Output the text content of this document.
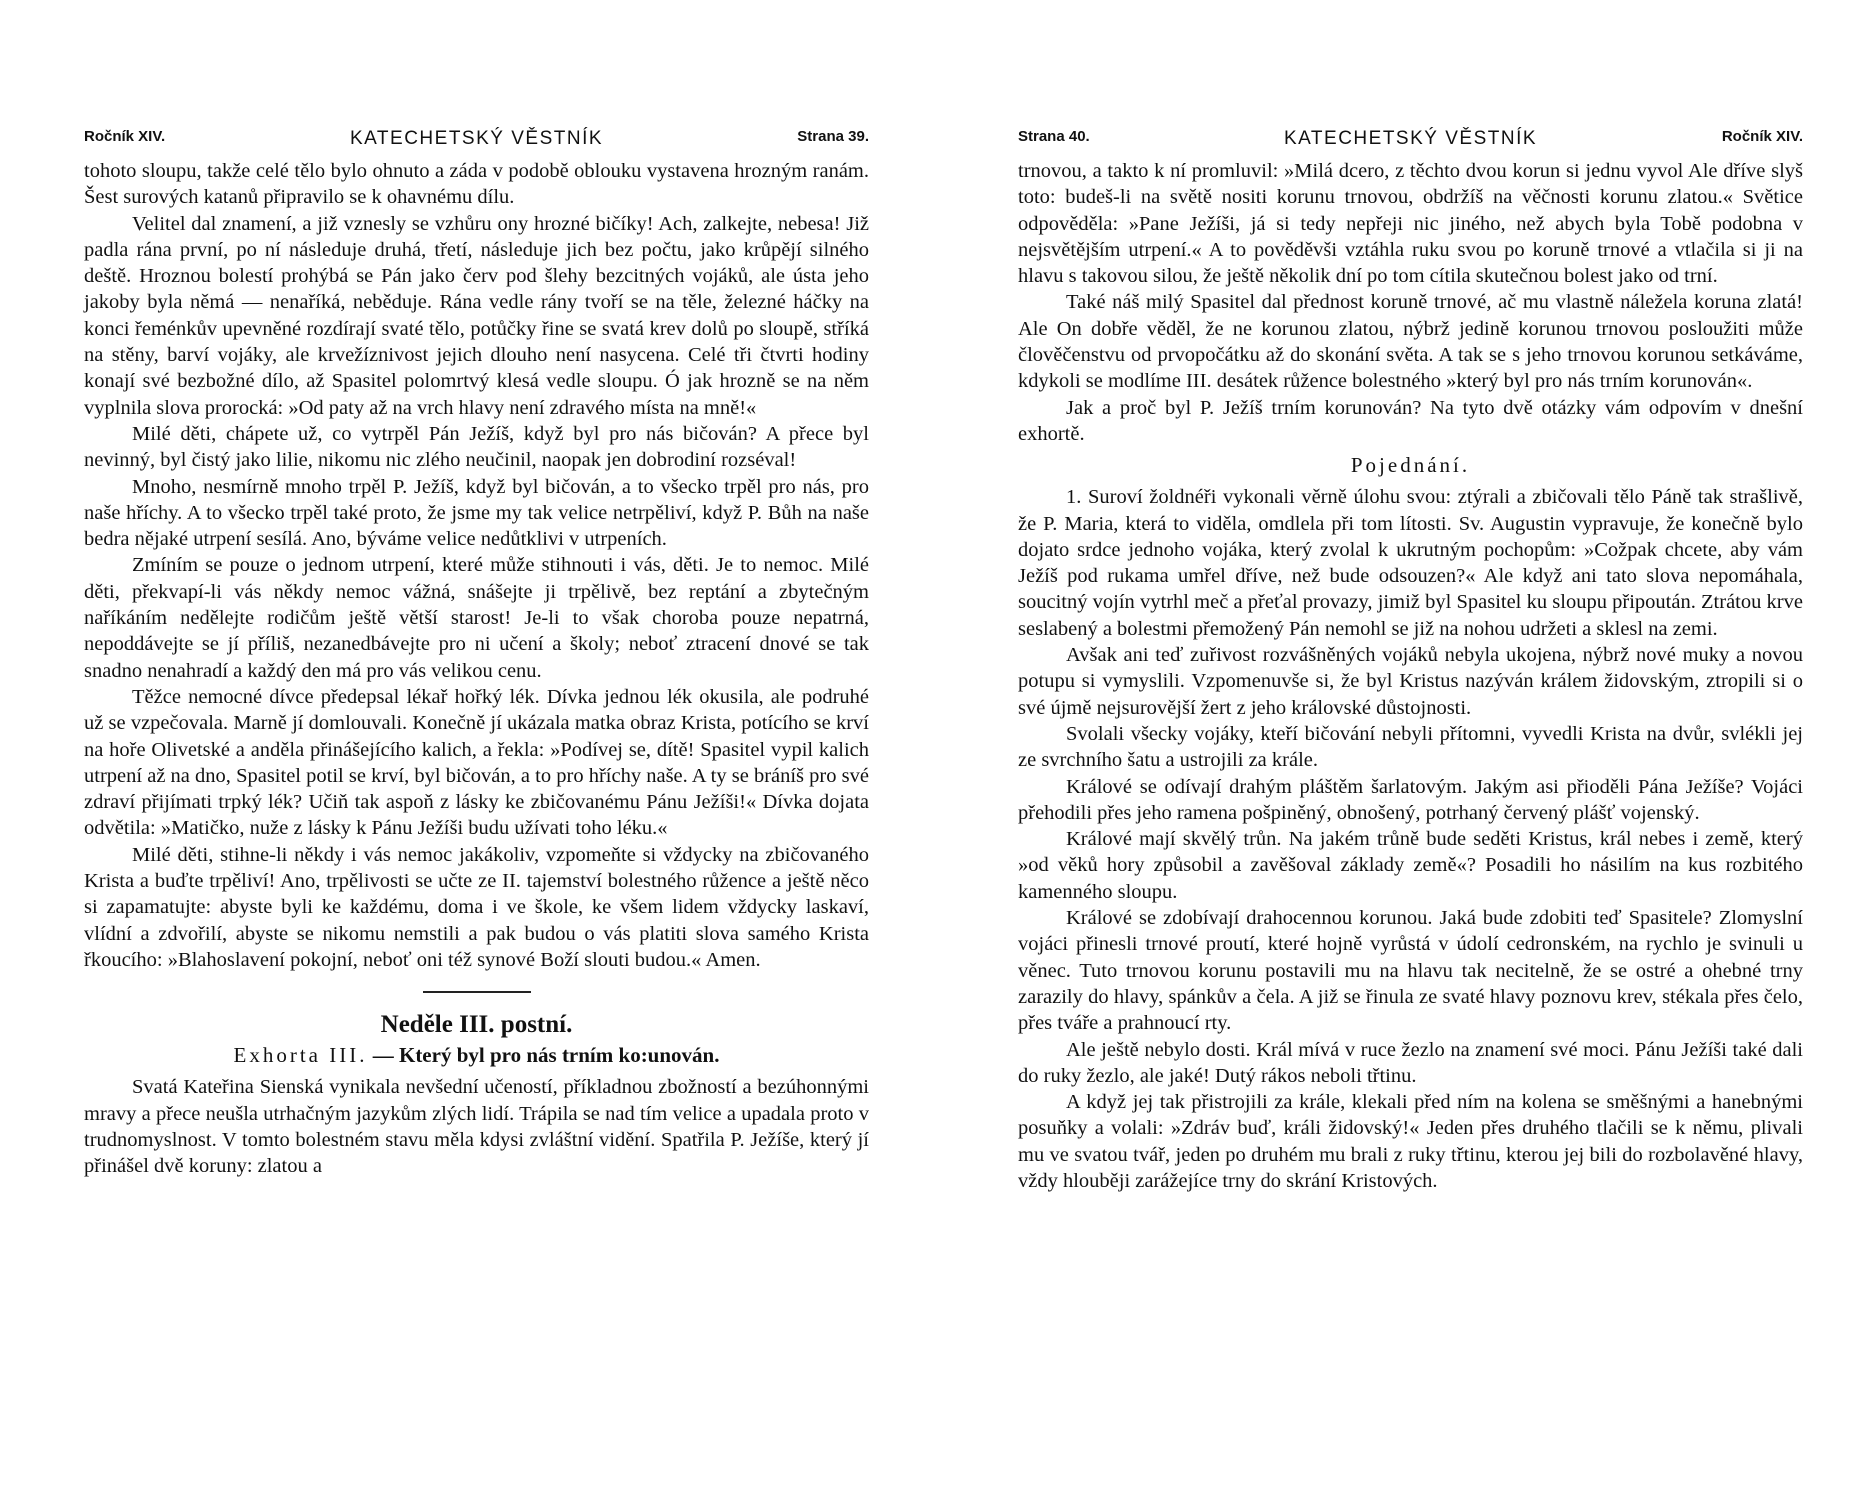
Ročník XIV.	KATECHETSKÝ VĚSTNÍK	Strana 39.

tohoto sloupu, takže celé tělo bylo ohnuto a záda v podobě oblouku vystavena hrozným ranám. Šest surových katanů připravilo se k ohavnému dílu.

Velitel dal znamení, a již vznesly se vzhůru ony hrozné bičíky! Ach, zalkejte, nebesa! Již padla rána první, po ní následuje druhá, třetí, následuje jich bez počtu, jako krůpějí silného deště. Hroznou bolestí prohýbá se Pán jako červ pod šlehy bezcitných vojáků, ale ústa jeho jakoby byla němá — nenaříká, neběduje. Rána vedle rány tvoří se na těle, železné háčky na konci řeménkův upevněné rozdírají svaté tělo, potůčky řine se svatá krev dolů po sloupě, stříká na stěny, barví vojáky, ale krvežíznivost jejich dlouho není nasycena. Celé tři čtvrti hodiny konají své bezbožné dílo, až Spasitel polomrtvý klesá vedle sloupu. Ó jak hrozně se na něm vyplnila slova prorocká: »Od paty až na vrch hlavy není zdravého místa na mně!«

Milé děti, chápete už, co vytrpěl Pán Ježíš, když byl pro nás bičován? A přece byl nevinný, byl čistý jako lilie, nikomu nic zlého neučinil, naopak jen dobrodiní rozséval!

Mnoho, nesmírně mnoho trpěl P. Ježíš, když byl bičován, a to všecko trpěl pro nás, pro naše hříchy. A to všecko trpěl také proto, že jsme my tak velice netrpěliví, když P. Bůh na naše bedra nějaké utrpení sesílá. Ano, býváme velice nedůtklivi v utrpeních.

Zmíním se pouze o jednom utrpení, které může stihnouti i vás, děti. Je to nemoc. Milé děti, překvapí-li vás někdy nemoc vážná, snášejte ji trpělivě, bez reptání a zbytečným naříkáním nedělejte rodičům ještě větší starost! Je-li to však choroba pouze nepatrná, nepoddávejte se jí příliš, nezanedbávejte pro ni učení a školy; neboť ztracení dnové se tak snadno nenahradí a každý den má pro vás velikou cenu.

Těžce nemocné dívce předepsal lékař hořký lék. Dívka jednou lék okusila, ale podruhé už se vzpečovala. Marně jí domlouvali. Konečně jí ukázala matka obraz Krista, potícího se krví na hoře Olivetské a anděla přinášejícího kalich, a řekla: »Podívej se, dítě! Spasitel vypil kalich utrpení až na dno, Spasitel potil se krví, byl bičován, a to pro hříchy naše. A ty se bráníš pro své zdraví přijímati trpký lék? Učiň tak aspoň z lásky ke zbičovanému Pánu Ježíši!« Dívka dojata odvětila: »Matičko, nuže z lásky k Pánu Ježíši budu užívati toho léku.«

Milé děti, stihne-li někdy i vás nemoc jakákoliv, vzpomeňte si vždycky na zbičovaného Krista a buďte trpěliví! Ano, trpělivosti se učte ze II. tajemství bolestného růžence a ještě něco si zapamatujte: abyste byli ke každému, doma i ve škole, ke všem lidem vždycky laskaví, vlídní a zdvořilí, abyste se nikomu nemstili a pak budou o vás platiti slova samého Krista řkoucího: »Blahoslavení pokojní, neboť oni též synové Boží slouti budou.« Amen.

Neděle III. postní.
Exhorta III. — Který byl pro nás trním ko:unován.

Svatá Kateřina Sienská vynikala nevšední učeností, příkladnou zbožností a bezúhonnými mravy a přece neušla utrhačným jazykům zlých lidí. Trápila se nad tím velice a upadala proto v trudnomyslnost. V tomto bolestném stavu měla kdysi zvláštní vidění. Spatřila P. Ježíše, který jí přinášel dvě koruny: zlatou a

Strana 40.	KATECHETSKÝ VĚSTNÍK	Ročník XIV.

trnovou, a takto k ní promluvil: »Milá dcero, z těchto dvou korun si jednu vyvol Ale dříve slyš toto: budeš-li na světě nositi korunu trnovou, obdržíš na věčnosti korunu zlatou.« Světice odpověděla: »Pane Ježíši, já si tedy nepřeji nic jiného, než abych byla Tobě podobna v nejsvětějším utrpení.« A to pověděvši vztáhla ruku svou po koruně trnové a vtlačila si ji na hlavu s takovou silou, že ještě několik dní po tom cítila skutečnou bolest jako od trní.

Také náš milý Spasitel dal přednost koruně trnové, ač mu vlastně náležela koruna zlatá! Ale On dobře věděl, že ne korunou zlatou, nýbrž jedině korunou trnovou posloužiti může člověčenstvu od prvopočátku až do skonání světa. A tak se s jeho trnovou korunou setkáváme, kdykoli se modlíme III. desátek růžence bolestného »který byl pro nás trním korunován«.

Jak a proč byl P. Ježíš trním korunován? Na tyto dvě otázky vám odpovím v dnešní exhortě.

Pojednání.

1. Suroví žoldnéři vykonali věrně úlohu svou: ztýrali a zbičovali tělo Páně tak strašlivě, že P. Maria, která to viděla, omdlela při tom lítosti. Sv. Augustin vypravuje, že konečně bylo dojato srdce jednoho vojáka, který zvolal k ukrutným pochopům: »Cožpak chcete, aby vám Ježíš pod rukama umřel dříve, než bude odsouzen?« Ale když ani tato slova nepomáhala, soucitný vojín vytrhl meč a přeťal provazy, jimiž byl Spasitel ku sloupu připoután. Ztrátou krve seslabený a bolestmi přemožený Pán nemohl se již na nohou udržeti a sklesl na zemi.

Avšak ani teď zuřivost rozvášněných vojáků nebyla ukojena, nýbrž nové muky a novou potupu si vymyslili. Vzpomenuvše si, že byl Kristus nazýván králem židovským, ztropili si o své újmě nejsurovější žert z jeho královské důstojnosti.

Svolali všecky vojáky, kteří bičování nebyli přítomni, vyvedli Krista na dvůr, svlékli jej ze svrchního šatu a ustrojili za krále.

Králové se odívají drahým pláštěm šarlatovým. Jakým asi přioděli Pána Ježíše? Vojáci přehodili přes jeho ramena pošpiněný, obnošený, potrhaný červený plášť vojenský.

Králové mají skvělý trůn. Na jakém trůně bude seděti Kristus, král nebes i země, který »od věků hory způsobil a zavěšoval základy země«? Posadili ho násilím na kus rozbitého kamenného sloupu.

Králové se zdobívají drahocennou korunou. Jaká bude zdobiti teď Spasitele? Zlomyslní vojáci přinesli trnové proutí, které hojně vyrůstá v údolí cedronském, na rychlo je svinuli u věnec. Tuto trnovou korunu postavili mu na hlavu tak necitelně, že se ostré a ohebné trny zarazily do hlavy, spánkův a čela. A již se řinula ze svaté hlavy poznovu krev, stékala přes čelo, přes tváře a prahnoucí rty.

Ale ještě nebylo dosti. Král mívá v ruce žezlo na znamení své moci. Pánu Ježíši také dali do ruky žezlo, ale jaké! Dutý rákos neboli třtinu.

A když jej tak přistrojili za krále, klekali před ním na kolena se směšnými a hanebnými posuňky a volali: »Zdráv buď, králi židovský!« Jeden přes druhého tlačili se k němu, plivali mu ve svatou tvář, jeden po druhém mu brali z ruky třtinu, kterou jej bili do rozbolavěné hlavy, vždy hlouběji zarážejíce trny do skrání Kristových.
